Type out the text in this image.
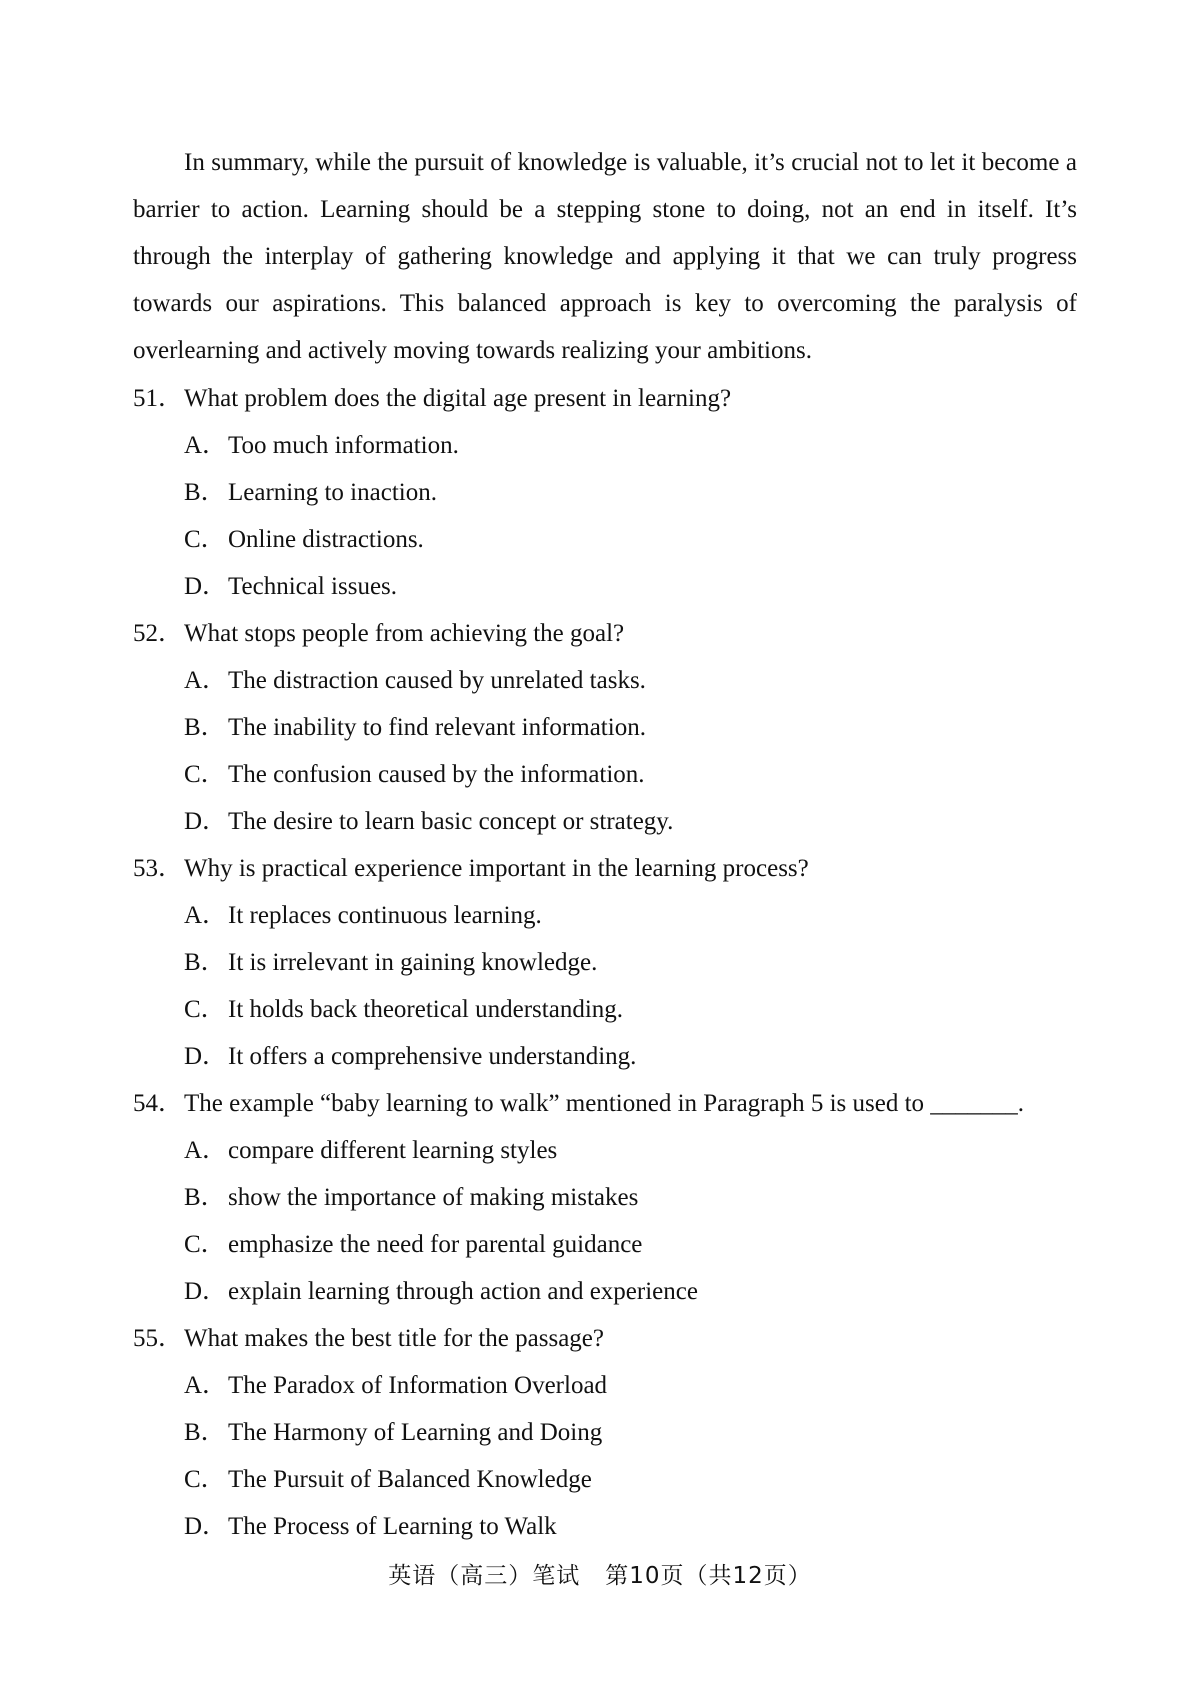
In summary, while the pursuit of knowledge is valuable, it’s crucial not to let it become a barrier to action. Learning should be a stepping stone to doing, not an end in itself. It’s through the interplay of gathering knowledge and applying it that we can truly progress towards our aspirations. This balanced approach is key to overcoming the paralysis of overlearning and actively moving towards realizing your ambitions.

51． What problem does the digital age present in learning?
A． Too much information.
B． Learning to inaction.
C． Online distractions.
D． Technical issues.
52． What stops people from achieving the goal?
A． The distraction caused by unrelated tasks.
B． The inability to find relevant information.
C． The confusion caused by the information.
D． The desire to learn basic concept or strategy.
53． Why is practical experience important in the learning process?
A． It replaces continuous learning.
B． It is irrelevant in gaining knowledge.
C． It holds back theoretical understanding.
D． It offers a comprehensive understanding.
54． The example “baby learning to walk” mentioned in Paragraph 5 is used to _______.
A． compare different learning styles
B． show the importance of making mistakes
C． emphasize the need for parental guidance
D． explain learning through action and experience
55． What makes the best title for the passage?
A． The Paradox of Information Overload
B． The Harmony of Learning and Doing
C． The Pursuit of Balanced Knowledge
D． The Process of Learning to Walk
英语（高三）笔试 第10页（共12页）
